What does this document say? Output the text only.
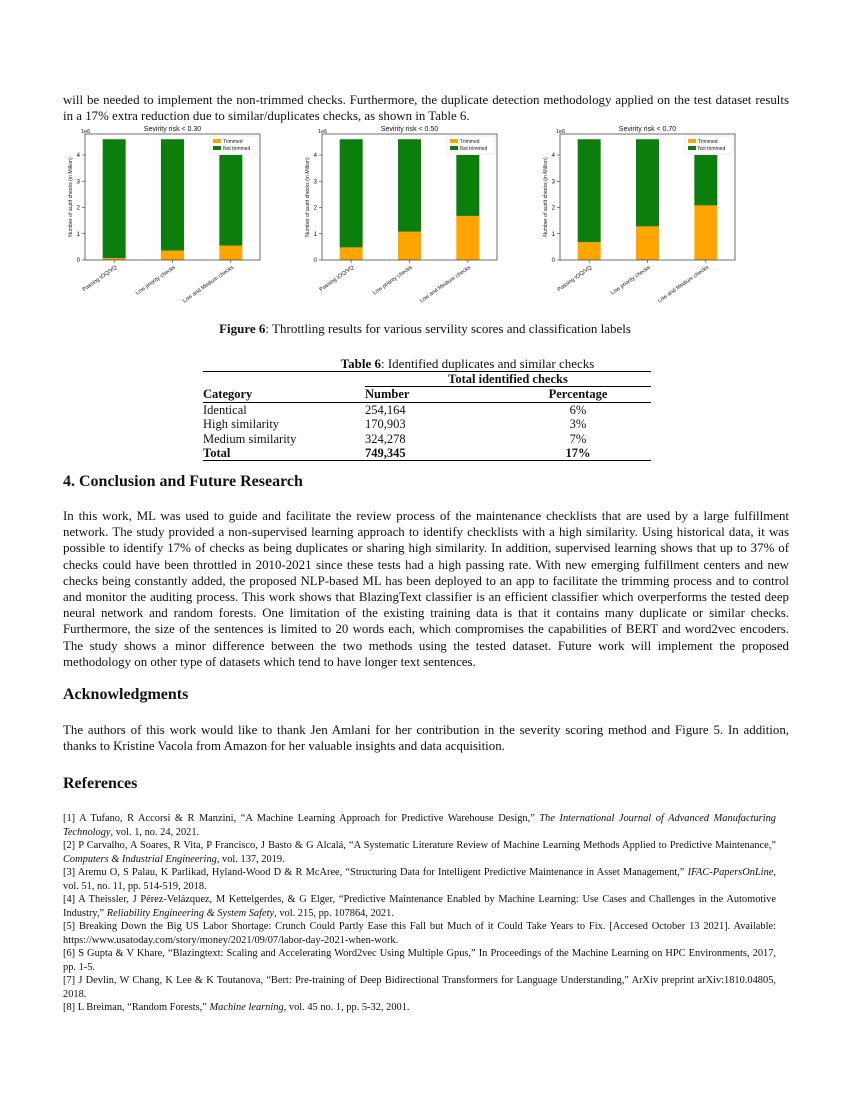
will be needed to implement the non-trimmed checks. Furthermore, the duplicate detection methodology applied on the test dataset results in a 17% extra reduction due to similar/duplicates checks, as shown in Table 6.

Sevirity risk < 0.30
1e6
Number of audit checks (in Million)
0
1
2
3
4
Passing IOQ/VQ	Low priority checks Low and Medium checks
Trimmed
Not trimmed
Sevirity risk < 0.50
1e6
Number of audit checks (in Million)
0
1
2
3
4
Passing IOQ/VQ	Low priority checks Low and Medium checks
Trimmed
Not trimmed
Sevirity risk < 0.70
1e6
Number of audit checks (in Million)
0
1
2
3
4
Passing IOQ/VQ	Low priority checks Low and Medium checks
Trimmed
Not trimmed

Figure 6: Throttling results for various servility scores and classification labels

Table 6: Identified duplicates and similar checks

	Total identified checks	
Category	Number	Percentage
Identical	254,164	6%
High similarity	170,903	3%
Medium similarity	324,278	7%
Total	749,345	17%
4. Conclusion and Future Research

In this work, ML was used to guide and facilitate the review process of the maintenance checklists that are used by a large fulfillment network. The study provided a non-supervised learning approach to identify checklists with a high similarity. Using historical data, it was possible to identify 17% of checks as being duplicates or sharing high similarity. In addition, supervised learning shows that up to 37% of checks could have been throttled in 2010-2021 since these tests had a high passing rate. With new emerging fulfillment centers and new checks being constantly added, the proposed NLP-based ML has been deployed to an app to facilitate the trimming process and to control and monitor the auditing process. This work shows that BlazingText classifier is an efficient classifier which overperforms the tested deep neural network and random forests. One limitation of the existing training data is that it contains many duplicate or similar checks. Furthermore, the size of the sentences is limited to 20 words each, which compromises the capabilities of BERT and word2vec encoders. The study shows a minor difference between the two methods using the tested dataset. Future work will implement the proposed methodology on other type of datasets which tend to have longer text sentences.

Acknowledgments

The authors of this work would like to thank Jen Amlani for her contribution in the severity scoring method and Figure 5. In addition, thanks to Kristine Vacola from Amazon for her valuable insights and data acquisition.

References
[1] A Tufano, R Accorsi & R Manzini, “A Machine Learning Approach for Predictive Warehouse Design,” The International Journal of Advanced Manufacturing Technology, vol. 1, no. 24, 2021.
[2] P Carvalho, A Soares, R Vita, P Francisco, J Basto & G Alcalá, “A Systematic Literature Review of Machine Learning Methods Applied to Predictive Maintenance,” Computers & Industrial Engineering, vol. 137, 2019.
[3] Aremu O, S Palau, K Parlikad, Hyland-Wood D & R McAree, “Structuring Data for Intelligent Predictive Maintenance in Asset Management,” IFAC-PapersOnLine, vol. 51, no. 11, pp. 514-519, 2018.
[4] A Theissler, J Pérez-Velázquez, M Kettelgerdes, & G Elger, “Predictive Maintenance Enabled by Machine Learning: Use Cases and Challenges in the Automotive Industry,” Reliability Engineering & System Safety, vol. 215, pp. 107864, 2021.
[5] Breaking Down the Big US Labor Shortage: Crunch Could Partly Ease this Fall but Much of it Could Take Years to Fix. [Accesed October 13 2021]. Available: https://www.usatoday.com/story/money/2021/09/07/labor-day-2021-when-work.
[6] S Gupta & V Khare, “Blazingtext: Scaling and Accelerating Word2vec Using Multiple Gpus,” In Proceedings of the Machine Learning on HPC Environments, 2017, pp. 1-5.
[7] J Devlin, W Chang, K Lee & K Toutanova, “Bert: Pre-training of Deep Bidirectional Transformers for Language Understanding,” ArXiv preprint arXiv:1810.04805, 2018.
[8] L Breiman, “Random Forests,” Machine learning, vol. 45 no. 1, pp. 5-32, 2001.
